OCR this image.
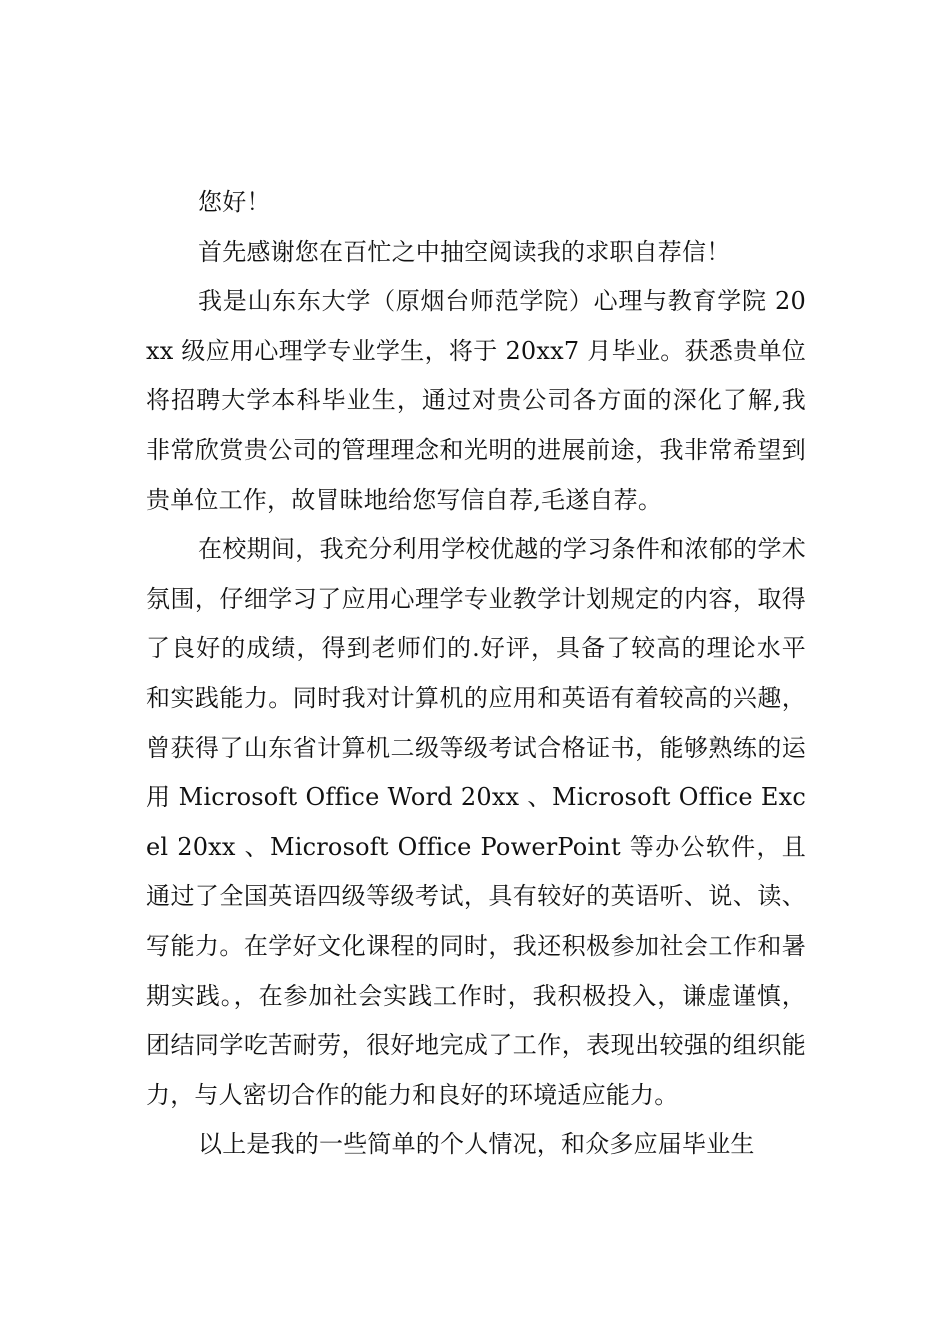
您好！

首先感谢您在百忙之中抽空阅读我的求职自荐信！

我是山东东大学（原烟台师范学院）心理与教育学院 20xx 级应用心理学专业学生，将于 20xx7 月毕业。获悉贵单位将招聘大学本科毕业生，通过对贵公司各方面的深化了解,我非常欣赏贵公司的管理理念和光明的进展前途，我非常希望到贵单位工作，故冒昧地给您写信自荐,毛遂自荐。

在校期间，我充分利用学校优越的学习条件和浓郁的学术氛围，仔细学习了应用心理学专业教学计划规定的内容，取得了良好的成绩，得到老师们的.好评，具备了较高的理论水平和实践能力。同时我对计算机的应用和英语有着较高的兴趣，曾获得了山东省计算机二级等级考试合格证书，能够熟练的运用 Microsoft Office Word 20xx 、Microsoft Office Excel 20xx 、Microsoft Office PowerPoint 等办公软件，且通过了全国英语四级等级考试，具有较好的英语听、说、读、写能力。在学好文化课程的同时，我还积极参加社会工作和暑期实践。，在参加社会实践工作时，我积极投入，谦虚谨慎，团结同学吃苦耐劳，很好地完成了工作，表现出较强的组织能力，与人密切合作的能力和良好的环境适应能力。

以上是我的一些简单的个人情况，和众多应届毕业生
